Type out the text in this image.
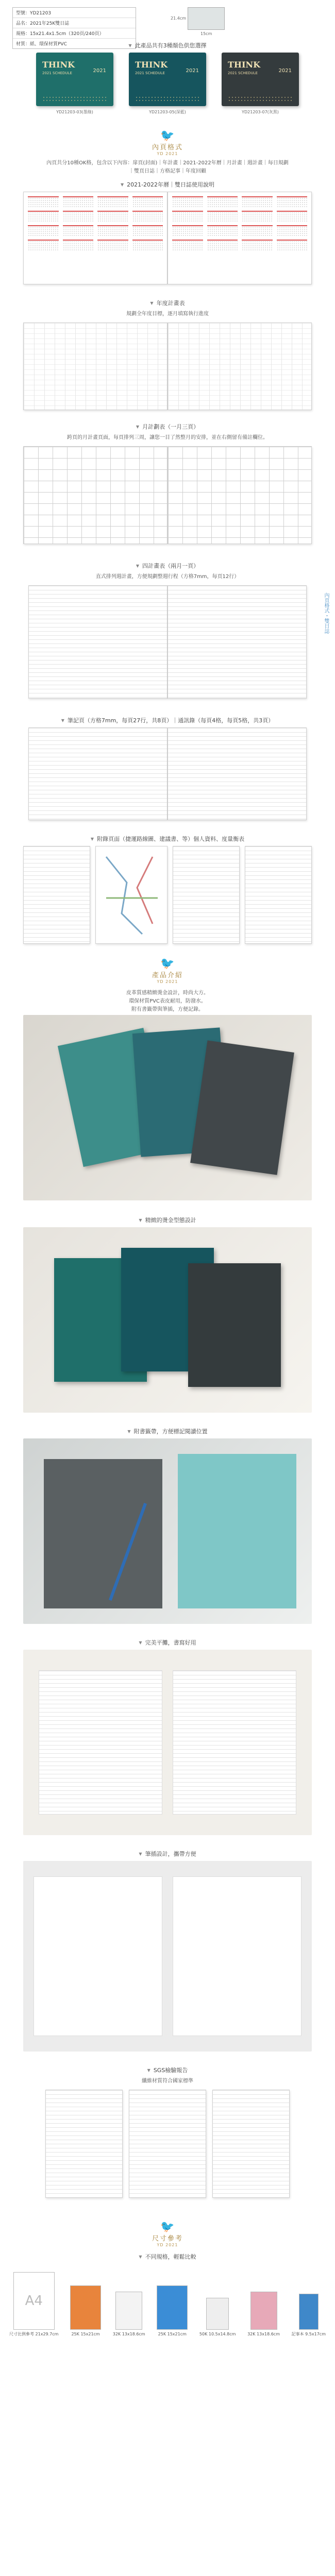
型號：YD21203
品名：2021年25K雙日誌
規格：15x21.4x1.5cm（320頁/240頁）
材質：紙、環保材質PVC
21.4cm
15cm
▼ 此產品共有3種顏色供您選擇
THINK
2021 SCHEDULE	2021
YD21203-03(墨綠)
THINK
2021 SCHEDULE	2021
YD21203-05(深藍)
THINK
2021 SCHEDULE	2021
YD21203-07(灰黑)
🐦
內頁格式
YD 2021
內頁共分10種OK格，包含以下內容：扉頁(封面)｜年計畫｜2021-2022年曆｜月計畫｜週計畫｜每日規劃｜雙頁日誌｜方格記事｜年度回顧
▼ 2021-2022年曆｜雙日誌使用說明
▼ 年度計畫表
規劃全年度目標，逐月填寫執行進度
▼ 月計劃表（一月三頁）
跨頁的月計畫頁面，每頁排列三周，讓您一目了然整月的安排，並在右側留有備註欄位。
▼ 四計畫表（兩月一頁）
直式排列週計畫，方便規劃整週行程（方格7mm，每頁12行）
內頁格式・雙日誌
▼ 筆記頁（方格7mm，每頁27行，共8頁）｜通訊錄（每頁4格，每頁5格，共3頁）
▼ 附錄頁面（捷運路線圖、建議書、等）個人資料、度量衡表
🐦
產品介紹
YD 2021
皮革質感精緻燙金設計，時尚大方。
環保材質PVC表皮耐用，防潑水。
附有書籤帶與筆插，方便記錄。
▼ 精緻的燙金型態設計
▼ 附書籤帶，方便標記閱讀位置
▼ 完美平攤，書寫好用
▼ 筆插設計，攜帶方便
▼ SGS檢驗報告
纖維材質符合國家標準
🐦
尺寸參考
YD 2021
▼ 不同規格，輕鬆比較
A4
尺寸比例參考 21x29.7cm	25K 15x21cm	32K 13x18.6cm	25K 15x21cm	50K 10.5x14.8cm	32K 13x18.6cm	記事本 9.5x17cm
